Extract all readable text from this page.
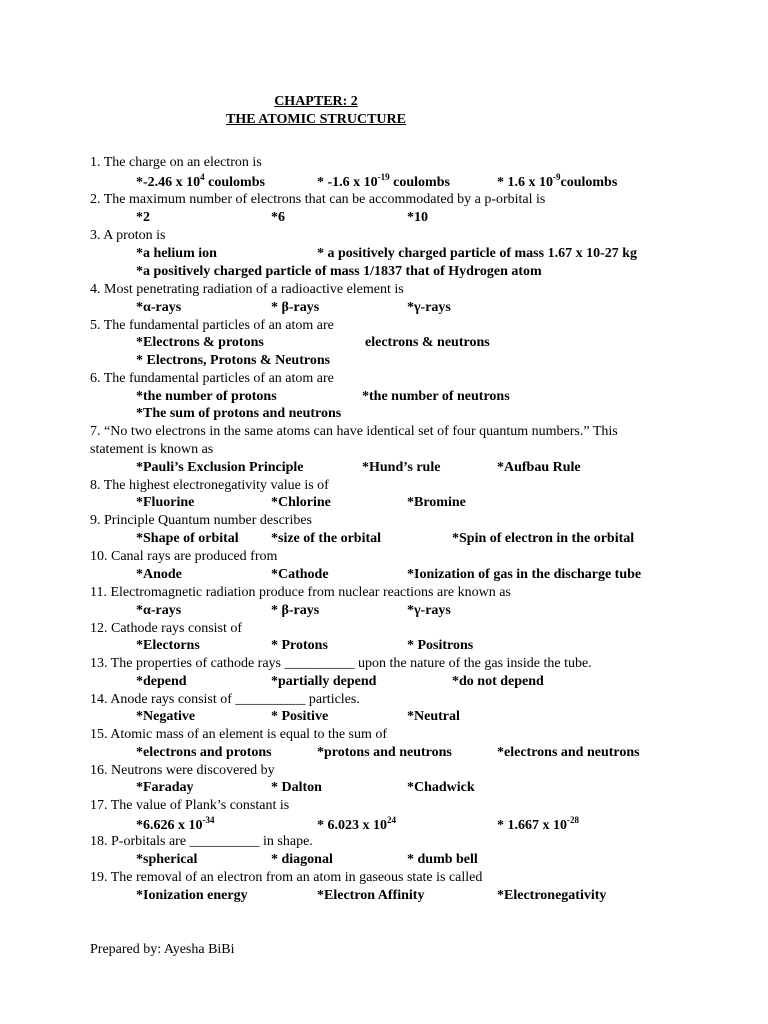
CHAPTER: 2
THE ATOMIC STRUCTURE
1. The charge on an electron is
*-2.46 x $10^4$ coulombs	* -1.6 x $10^{-19}$ coulombs	* 1.6 x $10^{-9}coulombs$
2. The maximum number of electrons that can be accommodated by a p-orbital is
*2	*6	*10
3. A proton is
*a helium ion	* a positively charged particle of mass 1.67 x 10-27 kg
*a positively charged particle of mass 1/1837 that of Hydrogen atom
4. Most penetrating radiation of a radioactive element is
*α-rays	* β-rays	*γ-rays
5. The fundamental particles of an atom are
*Electrons & protons	electrons & neutrons
* Electrons, Protons & Neutrons
6. The fundamental particles of an atom are
*the number of protons	*the number of neutrons
*The sum of protons and neutrons
7. “No two electrons in the same atoms can have identical set of four quantum numbers.” This
statement is known as
*Pauli’s Exclusion Principle	*Hund’s rule	*Aufbau Rule
8. The highest electronegativity value is of
*Fluorine	*Chlorine	*Bromine
9. Principle Quantum number describes
*Shape of orbital *size of the orbital	*Spin of electron in the orbital
10. Canal rays are produced from
*Anode	*Cathode	*Ionization of gas in the discharge tube
11. Electromagnetic radiation produce from nuclear reactions are known as
*α-rays	* β-rays	*γ-rays
12. Cathode rays consist of
*Electorns	* Protons	* Positrons
13. The properties of cathode rays __________ upon the nature of the gas inside the tube.
*depend	*partially depend	*do not depend
14. Anode rays consist of __________ particles.
*Negative	* Positive	*Neutral
15. Atomic mass of an element is equal to the sum of
*electrons and protons	*protons and neutrons	*electrons and neutrons
16. Neutrons were discovered by
*Faraday	* Dalton	*Chadwick
17. The value of Plank’s constant is
*6.626 x $10^{-34}$	* 6.023 x $10^{24}$	* 1.667 x $10^{-28}$
18. P-orbitals are __________ in shape.
*spherical	* diagonal	* dumb bell
19. The removal of an electron from an atom in gaseous state is called
*Ionization energy	*Electron Affinity	*Electronegativity
Prepared by: Ayesha BiBi
